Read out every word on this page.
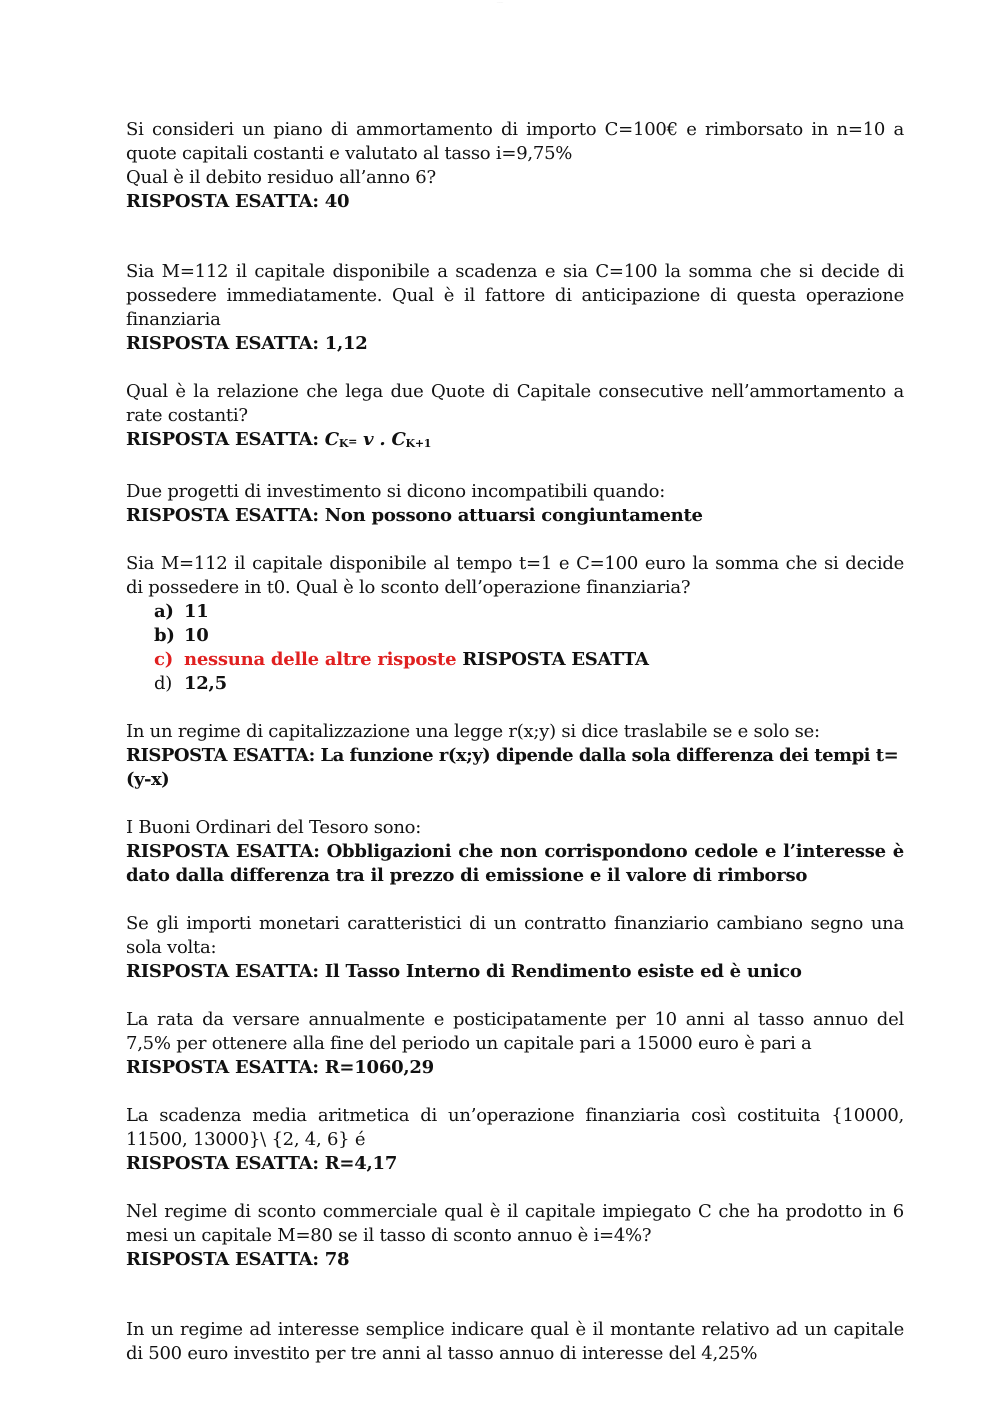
·······

Si consideri un piano di ammortamento di importo C=100€ e rimborsato in n=10 a quote capitali costanti e valutato al tasso i=9,75%

Qual è il debito residuo all’anno 6?

RISPOSTA ESATTA: 40

Sia M=112 il capitale disponibile a scadenza e sia C=100 la somma che si decide di possedere immediatamente. Qual è il fattore di anticipazione di questa operazione finanziaria

RISPOSTA ESATTA: 1,12

Qual è la relazione che lega due Quote di Capitale consecutive nell’ammortamento a rate costanti?

RISPOSTA ESATTA: $C_K= v$ . $C_{K+1}$

Due progetti di investimento si dicono incompatibili quando:

RISPOSTA ESATTA: Non possono attuarsi congiuntamente

Sia M=112 il capitale disponibile al tempo t=1 e C=100 euro la somma che si decide di possedere in t0. Qual è lo sconto dell’operazione finanziaria?

a) 11
b) 10
c) nessuna delle altre risposte RISPOSTA ESATTA
d) 12,5

In un regime di capitalizzazione una legge r(x;y) si dice traslabile se e solo se:

RISPOSTA ESATTA: La funzione r(x;y) dipende dalla sola differenza dei tempi t=(y-x)

I Buoni Ordinari del Tesoro sono:

RISPOSTA ESATTA: Obbligazioni che non corrispondono cedole e l’interesse è dato dalla differenza tra il prezzo di emissione e il valore di rimborso

Se gli importi monetari caratteristici di un contratto finanziario cambiano segno una sola volta:

RISPOSTA ESATTA: Il Tasso Interno di Rendimento esiste ed è unico

La rata da versare annualmente e posticipatamente per 10 anni al tasso annuo del 7,5% per ottenere alla fine del periodo un capitale pari a 15000 euro è pari a

RISPOSTA ESATTA: R=1060,29

La scadenza media aritmetica di un’operazione finanziaria così costituita {10000, 11500, 13000}\ {2, 4, 6} é

RISPOSTA ESATTA: R=4,17

Nel regime di sconto commerciale qual è il capitale impiegato C che ha prodotto in 6 mesi un capitale M=80 se il tasso di sconto annuo è i=4%?

RISPOSTA ESATTA: 78

In un regime ad interesse semplice indicare qual è il montante relativo ad un capitale di 500 euro investito per tre anni al tasso annuo di interesse del 4,25%
